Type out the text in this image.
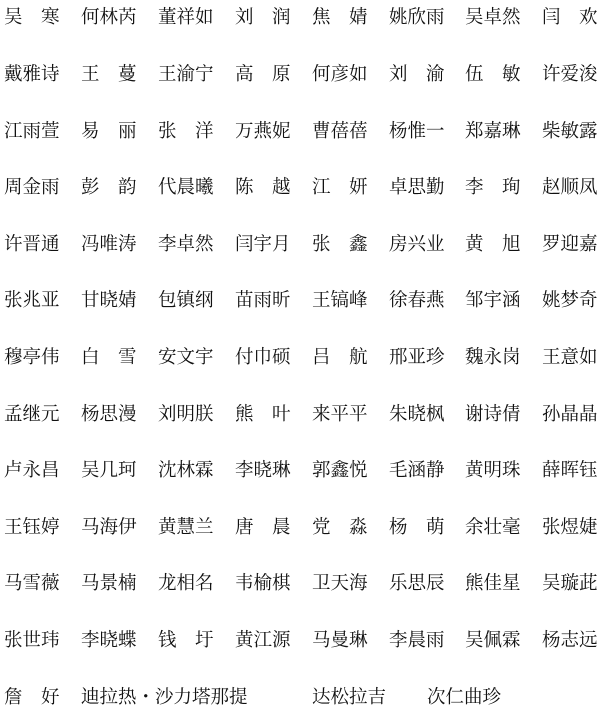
吴　寒 何林芮 董祥如 刘　润 焦　婧 姚欣雨 吴卓然 闫　欢
戴雅诗 王　蔓 王渝宁 高　原 何彦如 刘　渝 伍　敏 许爱浚
江雨萱 易　丽 张　洋 万燕妮 曹蓓蓓 杨惟一 郑嘉琳 柴敏露
周金雨 彭　韵 代晨曦 陈　越 江　妍 卓思勤 李　珣 赵顺凤
许晋通 冯唯涛 李卓然 闫宇月 张　鑫 房兴业 黄　旭 罗迎嘉
张兆亚 甘晓婧 包镇纲 苗雨昕 王镐峰 徐春燕 邹宇涵 姚梦奇
穆亭伟 白　雪 安文宇 付巾硕 吕　航 邢亚珍 魏永岗 王意如
孟继元 杨思漫 刘明朕 熊　叶 来平平 朱晓枫 谢诗倩 孙晶晶
卢永昌 吴几珂 沈林霖 李晓琳 郭鑫悦 毛涵静 黄明珠 薛晖钰
王钰婷 马海伊 黄慧兰 唐　晨 党　淼 杨　萌 余壮毫 张煜婕
马雪薇 马景楠 龙相名 韦榆棋 卫天海 乐思辰 熊佳星 吴璇茈
张世玮 李晓蝶 钱　圩 黄江源 马曼琳 李晨雨 吴佩霖 杨志远
詹　好 迪拉热・沙力塔那提	达松拉吉 次仁曲珍
